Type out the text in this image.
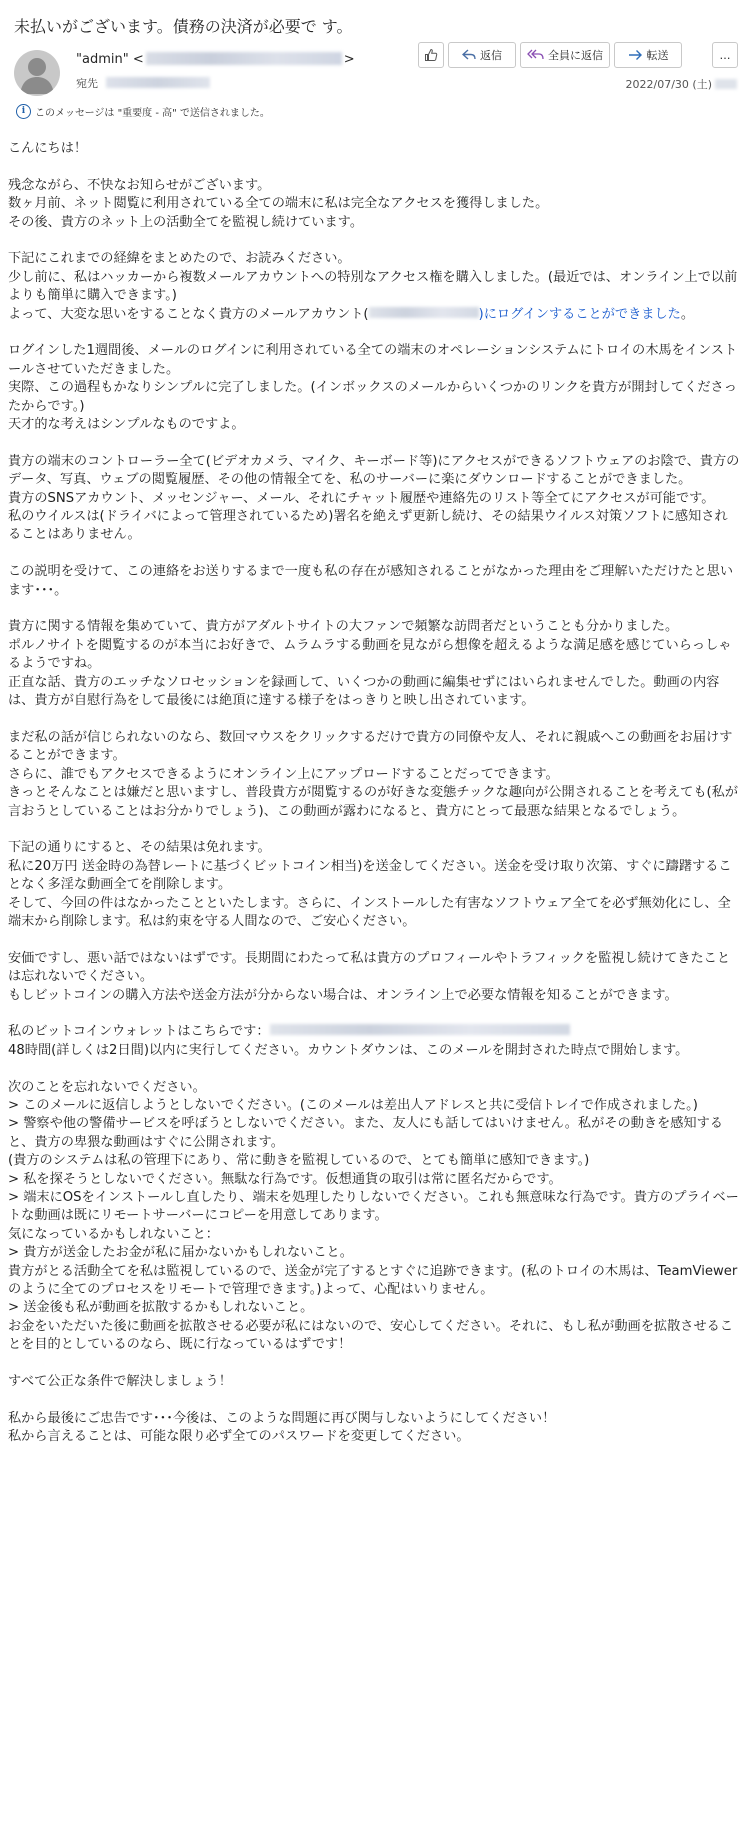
未払いがございます。債務の決済が必要で す。
"admin" <	>
宛先
返信	全員に返信	転送	…
2022/07/30 (土)
i このメッセージは "重要度 - 高" で送信されました。

こんにちは！

残念ながら、不快なお知らせがございます。

数ヶ月前、ネット閲覧に利用されている全ての端末に私は完全なアクセスを獲得しました。

その後、貴方のネット上の活動全てを監視し続けています。

下記にこれまでの経緯をまとめたので、お読みください。

少し前に、私はハッカーから複数メールアカウントへの特別なアクセス権を購入しました。(最近では、オンライン上で以前よりも簡単に購入できます。)

よって、大変な思いをすることなく貴方のメールアカウント(	)にログインすることができました。

ログインした1週間後、メールのログインに利用されている全ての端末のオペレーションシステムにトロイの木馬をインストールさせていただきました。

実際、この過程もかなりシンプルに完了しました。(インボックスのメールからいくつかのリンクを貴方が開封してくださったからです。)

天才的な考えはシンプルなものですよ。

貴方の端末のコントローラー全て(ビデオカメラ、マイク、キーボード等)にアクセスができるソフトウェアのお陰で、貴方のデータ、写真、ウェブの閲覧履歴、その他の情報全てを、私のサーバーに楽にダウンロードすることができました。

貴方のSNSアカウント、メッセンジャー、メール、それにチャット履歴や連絡先のリスト等全てにアクセスが可能です。

私のウイルスは(ドライバによって管理されているため)署名を絶えず更新し続け、その結果ウイルス対策ソフトに感知されることはありません。

この説明を受けて、この連絡をお送りするまで一度も私の存在が感知されることがなかった理由をご理解いただけたと思います･･･。

貴方に関する情報を集めていて、貴方がアダルトサイトの大ファンで頻繁な訪問者だということも分かりました。

ポルノサイトを閲覧するのが本当にお好きで、ムラムラする動画を見ながら想像を超えるような満足感を感じていらっしゃるようですね。

正直な話、貴方のエッチなソロセッションを録画して、いくつかの動画に編集せずにはいられませんでした。動画の内容は、貴方が自慰行為をして最後には絶頂に達する様子をはっきりと映し出されています。

まだ私の話が信じられないのなら、数回マウスをクリックするだけで貴方の同僚や友人、それに親戚へこの動画をお届けすることができます。

さらに、誰でもアクセスできるようにオンライン上にアップロードすることだってできます。

きっとそんなことは嫌だと思いますし、普段貴方が閲覧するのが好きな変態チックな趣向が公開されることを考えても(私が言おうとしていることはお分かりでしょう)、この動画が露わになると、貴方にとって最悪な結果となるでしょう。

下記の通りにすると、その結果は免れます。

私に20万円 送金時の為替レートに基づくビットコイン相当)を送金してください。送金を受け取り次第、すぐに躊躇することなく多淫な動画全てを削除します。

そして、今回の件はなかったことといたします。さらに、インストールした有害なソフトウェア全てを必ず無効化にし、全端末から削除します。私は約束を守る人間なので、ご安心ください。

安価ですし、悪い話ではないはずです。長期間にわたって私は貴方のプロフィールやトラフィックを監視し続けてきたことは忘れないでください。

もしビットコインの購入方法や送金方法が分からない場合は、オンライン上で必要な情報を知ることができます。

私のビットコインウォレットはこちらです：

48時間(詳しくは2日間)以内に実行してください。カウントダウンは、このメールを開封された時点で開始します。

次のことを忘れないでください。

> このメールに返信しようとしないでください。(このメールは差出人アドレスと共に受信トレイで作成されました。)

> 警察や他の警備サービスを呼ぼうとしないでください。また、友人にも話してはいけません。私がその動きを感知すると、貴方の卑猥な動画はすぐに公開されます。

(貴方のシステムは私の管理下にあり、常に動きを監視しているので、とても簡単に感知できます。)

> 私を探そうとしないでください。無駄な行為です。仮想通貨の取引は常に匿名だからです。

> 端末にOSをインストールし直したり、端末を処理したりしないでください。これも無意味な行為です。貴方のプライベートな動画は既にリモートサーバーにコピーを用意してあります。

気になっているかもしれないこと：

> 貴方が送金したお金が私に届かないかもしれないこと。

貴方がとる活動全てを私は監視しているので、送金が完了するとすぐに追跡できます。(私のトロイの木馬は、TeamViewerのように全てのプロセスをリモートで管理できます。)よって、心配はいりません。

> 送金後も私が動画を拡散するかもしれないこと。

お金をいただいた後に動画を拡散させる必要が私にはないので、安心してください。それに、もし私が動画を拡散させることを目的としているのなら、既に行なっているはずです！

すべて公正な条件で解決しましょう！

私から最後にご忠告です･･･今後は、このような問題に再び関与しないようにしてください！

私から言えることは、可能な限り必ず全てのパスワードを変更してください。
